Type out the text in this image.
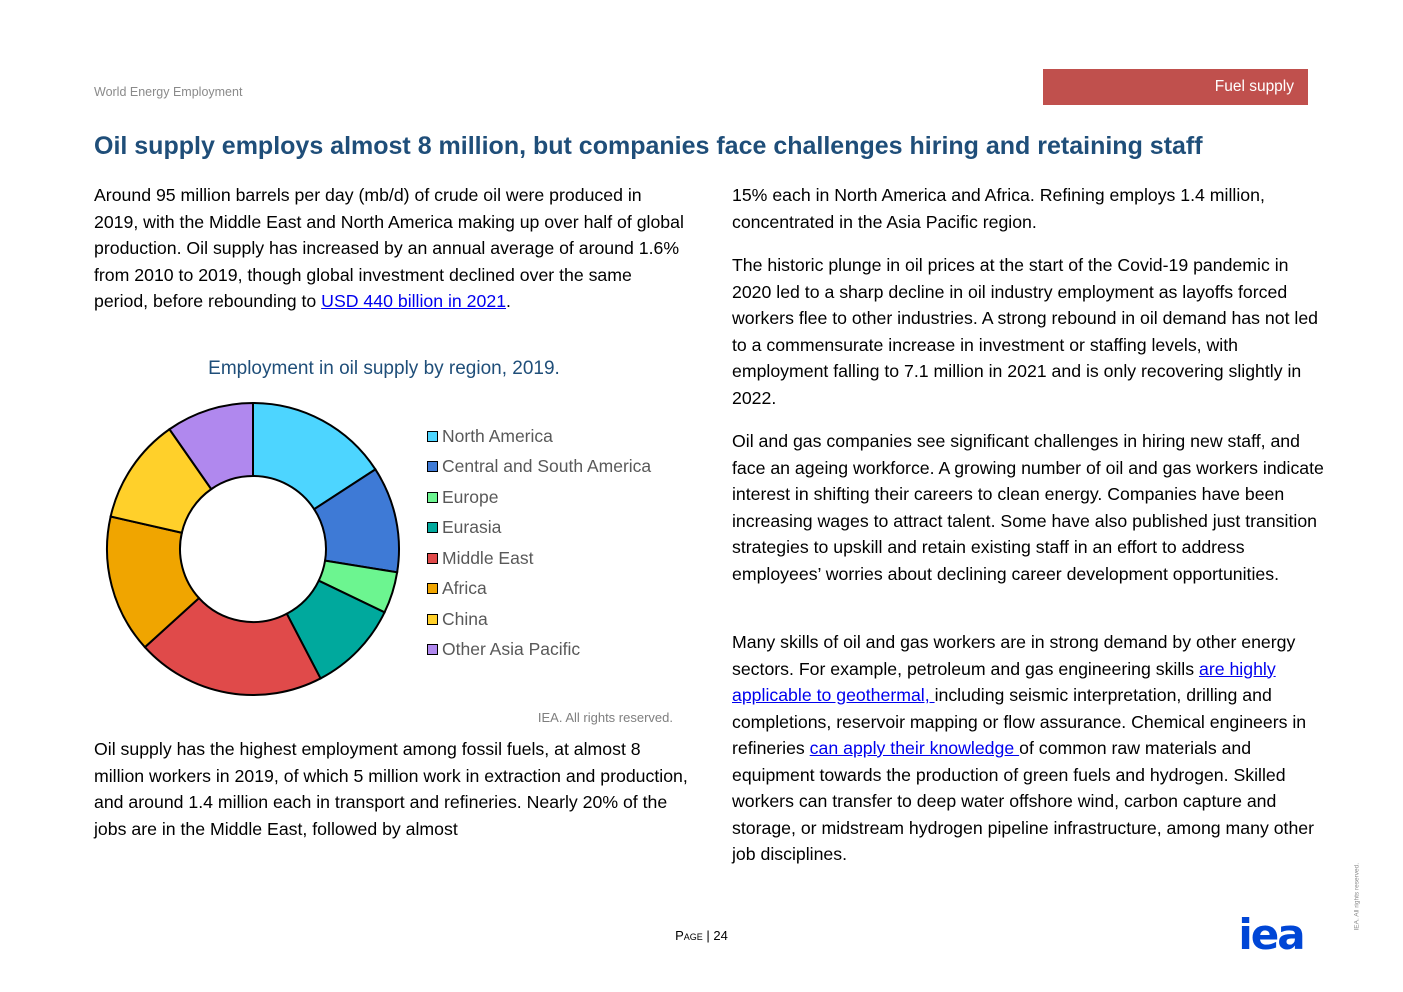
World Energy Employment	Fuel supply
Oil supply employs almost 8 million, but companies face challenges hiring and retaining staff

Around 95 million barrels per day (mb/d) of crude oil were produced in 2019, with the Middle East and North America making up over half of global production. Oil supply has increased by an annual average of around 1.6% from 2010 to 2019, though global investment declined over the same period, before rebounding to USD 440 billion in 2021.

Employment in oil supply by region, 2019.
North America
Central and South America
Europe
Eurasia
Middle East
Africa
China
Other Asia Pacific
IEA. All rights reserved.

Oil supply has the highest employment among fossil fuels, at almost 8 million workers in 2019, of which 5 million work in extraction and production, and around 1.4 million each in transport and refineries. Nearly 20% of the jobs are in the Middle East, followed by almost

15% each in North America and Africa. Refining employs 1.4 million, concentrated in the Asia Pacific region.

The historic plunge in oil prices at the start of the Covid-19 pandemic in 2020 led to a sharp decline in oil industry employment as layoffs forced workers flee to other industries. A strong rebound in oil demand has not led to a commensurate increase in investment or staffing levels, with employment falling to 7.1 million in 2021 and is only recovering slightly in 2022.

Oil and gas companies see significant challenges in hiring new staff, and face an ageing workforce. A growing number of oil and gas workers indicate interest in shifting their careers to clean energy. Companies have been increasing wages to attract talent. Some have also published just transition strategies to upskill and retain existing staff in an effort to address employees’ worries about declining career development opportunities.

Many skills of oil and gas workers are in strong demand by other energy sectors. For example, petroleum and gas engineering skills are highly applicable to geothermal, including seismic interpretation, drilling and completions, reservoir mapping or flow assurance. Chemical engineers in refineries can apply their knowledge of common raw materials and equipment towards the production of green fuels and hydrogen. Skilled workers can transfer to deep water offshore wind, carbon capture and storage, or midstream hydrogen pipeline infrastructure, among many other job disciplines.

Page | 24	iea
IEA. All rights reserved.
